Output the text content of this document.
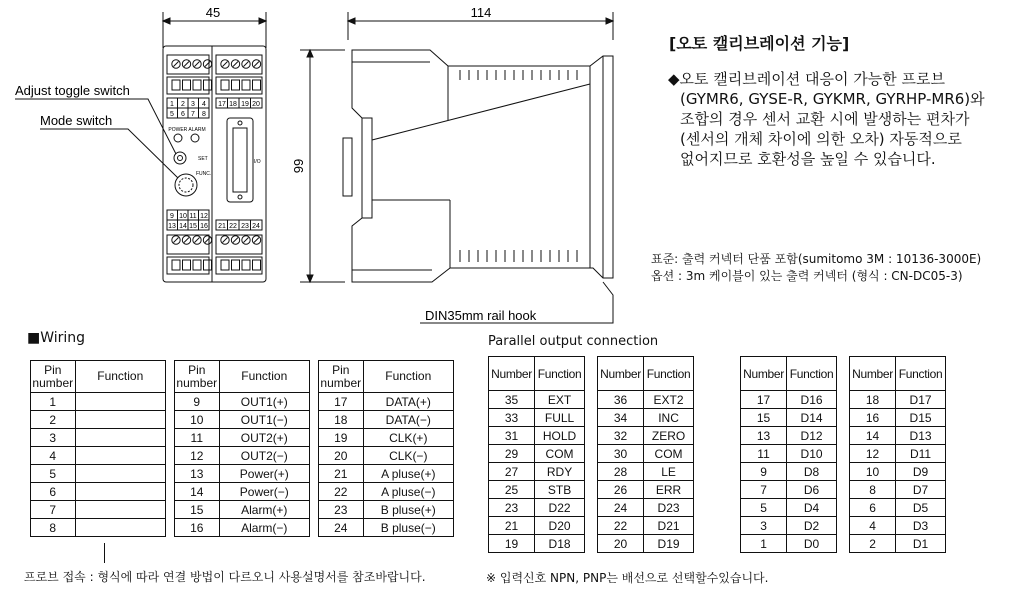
45
1 2 3 4
5 6 7 8
17 18 19 20
9 10 11 12
13 14 15 16 21 22 23 24
POWER ALARM
SET
FUNC.
I/O
Adjust toggle switch
Mode switch
114
99
DIN35mm rail hook
[오토 캘리브레이션 기능]
◆오토 캘리브레이션 대응이 가능한 프로브
(GYMR6, GYSE-R, GYKMR, GYRHP-MR6)와
조합의 경우 센서 교환 시에 발생하는 편차가
(센서의 개체 차이에 의한 오차) 자동적으로
없어지므로 호환성을 높일 수 있습니다.
표준: 출력 커넥터 단품 포함(sumitomo 3M : 10136-3000E)
옵션 : 3m 케이블이 있는 출력 커넥터 (형식 : CN-DC05-3)
■Wiring	Parallel output connection
Pin number	Function
1	
2	
3	
4	
5	
6	
7	
8	
Pin number	Function
9	OUT1(+)
10	OUT1(−)
11	OUT2(+)
12	OUT2(−)
13	Power(+)
14	Power(−)
15	Alarm(+)
16	Alarm(−)
Pin number	Function
17	DATA(+)
18	DATA(−)
19	CLK(+)
20	CLK(−)
21	A pluse(+)
22	A pluse(−)
23	B pluse(+)
24	B pluse(−)
Number	Function
35	EXT
33	FULL
31	HOLD
29	COM
27	RDY
25	STB
23	D22
21	D20
19	D18
Number	Function
36	EXT2
34	INC
32	ZERO
30	COM
28	LE
26	ERR
24	D23
22	D21
20	D19
Number	Function
17	D16
15	D14
13	D12
11	D10
9	D8
7	D6
5	D4
3	D2
1	D0
Number	Function
18	D17
16	D15
14	D13
12	D11
10	D9
8	D7
6	D5
4	D3
2	D1
프로브 접속 : 형식에 따라 연결 방법이 다르오니 사용설명서를 참조바랍니다.	※ 입력신호 NPN, PNP는 배선으로 선택할수있습니다.
